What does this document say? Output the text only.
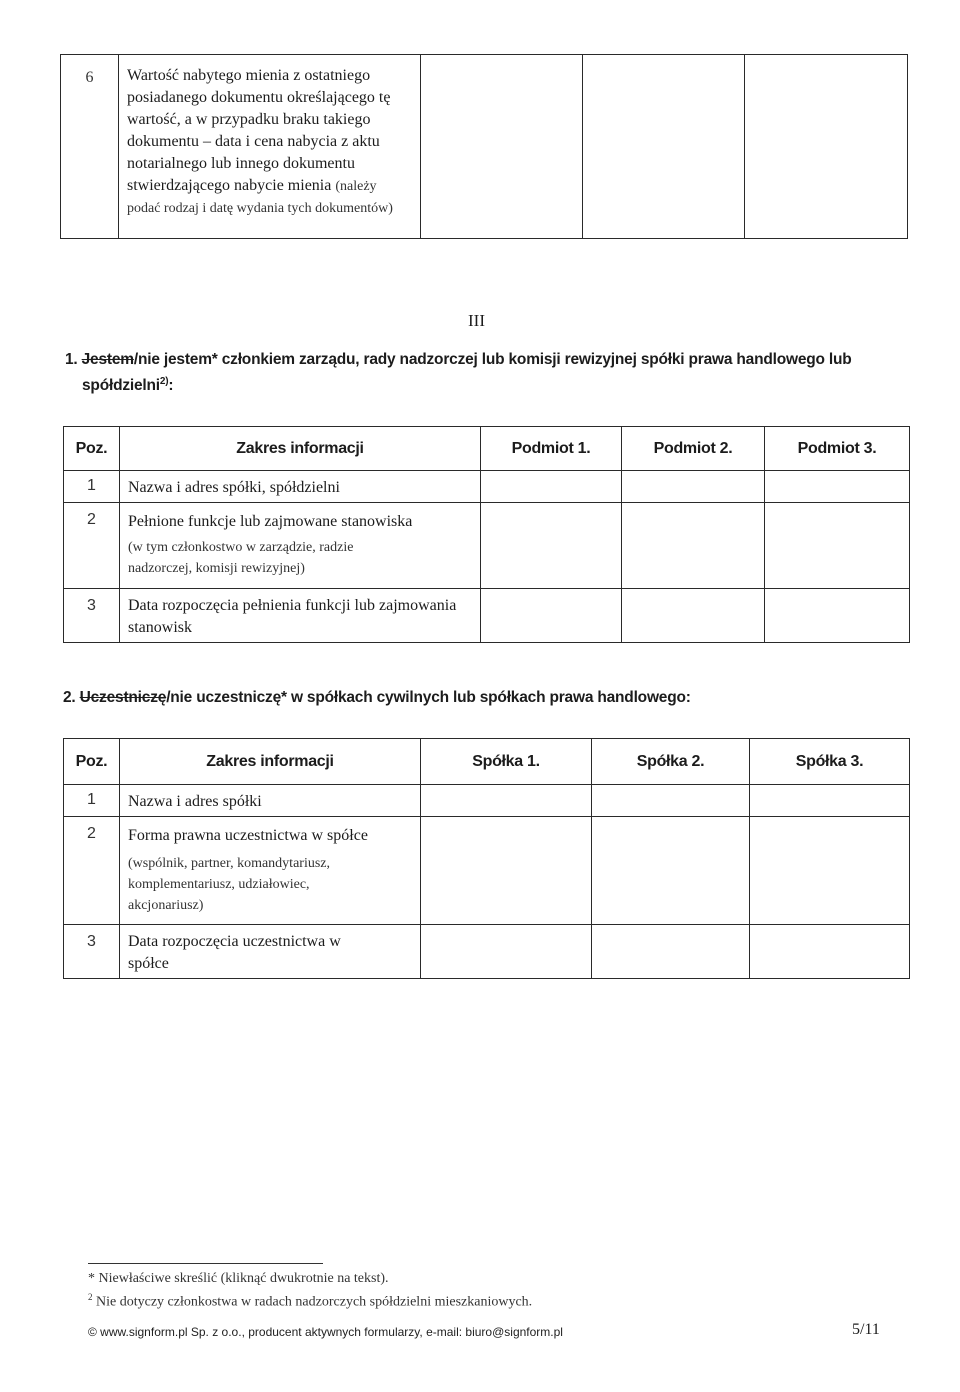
6	Wartość nabytego mienia z ostatniego posiadanego dokumentu określającego tę wartość, a w przypadku braku takiego dokumentu – data i cena nabycia z aktu notarialnego lub innego dokumentu stwierdzającego nabycie mienia (należy podać rodzaj i datę wydania tych dokumentów)

III
1. Jestem/nie jestem* członkiem zarządu, rady nadzorczej lub komisji rewizyjnej spółki prawa handlowego lub
spółdzielni$^{2)}$:
Poz.	Zakres informacji	Podmiot 1.	Podmiot 2.	Podmiot 3.

1	Nazwa i adres spółki, spółdzielni			

2	Pełnione funkcje lub zajmowane stanowiska
(w tym członkostwo w zarządzie, radzie nadzorczej, komisji rewizyjnej)			

3	Data rozpoczęcia pełnienia funkcji lub zajmowania stanowisk			

2. Uczestniczę/nie uczestniczę* w spółkach cywilnych lub spółkach prawa handlowego:
Poz.	Zakres informacji	Spółka 1.	Spółka 2.	Spółka 3.

1	Nazwa i adres spółki			

2	Forma prawna uczestnictwa w spółce
(wspólnik, partner, komandytariusz, komplementariusz, udziałowiec, akcjonariusz)			

3	Data rozpoczęcia uczestnictwa w spółce			

* Niewłaściwe skreślić (kliknąć dwukrotnie na tekst).
$^2$ Nie dotyczy członkostwa w radach nadzorczych spółdzielni mieszkaniowych.
© www.signform.pl Sp. z o.o., producent aktywnych formularzy, e-mail: biuro@signform.pl	5/11
